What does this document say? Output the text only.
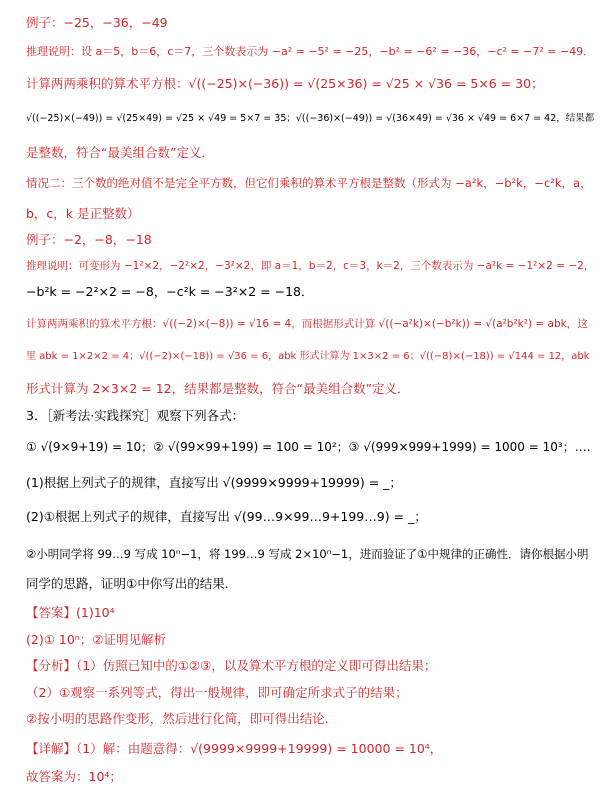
例子：−25，−36，−49
推理说明：设 a＝5，b＝6，c＝7，三个数表示为 −a² = −5² = −25，−b² = −6² = −36，−c² = −7² = −49．
计算两两乘积的算术平方根：√((−25)×(−36)) = √(25×36) = √25 × √36 = 5×6 = 30；
√((−25)×(−49)) = √(25×49) = √25 × √49 = 5×7 = 35；√((−36)×(−49)) = √(36×49) = √36 × √49 = 6×7 = 42，结果都
是整数，符合“最美组合数”定义．
情况二：三个数的绝对值不是完全平方数，但它们乘积的算术平方根是整数（形式为 −a²k，−b²k，−c²k，a，
b，c，k 是正整数）
例子：−2，−8，−18
推理说明：可变形为 −1²×2，−2²×2，−3²×2，即 a＝1，b＝2，c＝3，k＝2，三个数表示为 −a²k = −1²×2 = −2，
−b²k = −2²×2 = −8，−c²k = −3²×2 = −18．
计算两两乘积的算术平方根：√((−2)×(−8)) = √16 = 4，而根据形式计算 √((−a²k)×(−b²k)) = √(a²b²k²) = abk，这
里 abk = 1×2×2 = 4；√((−2)×(−18)) = √36 = 6，abk 形式计算为 1×3×2 = 6；√((−8)×(−18)) = √144 = 12，abk
形式计算为 2×3×2 = 12，结果都是整数，符合“最美组合数”定义．
3．［新考法·实践探究］观察下列各式：
① √(9×9+19) = 10；② √(99×99+199) = 100 = 10²；③ √(999×999+1999) = 1000 = 10³；….
(1)根据上列式子的规律，直接写出 √(9999×9999+19999) = _；
(2)①根据上列式子的规律，直接写出 √(99…9×99…9+199…9) = _；
②小明同学将 99…9 写成 10ⁿ−1，将 199…9 写成 2×10ⁿ−1，进而验证了①中规律的正确性．请你根据小明
同学的思路，证明①中你写出的结果．
【答案】(1)10⁴
(2)① 10ⁿ；②证明见解析
【分析】（1）仿照已知中的①②③，以及算术平方根的定义即可得出结果；
（2）①观察一系列等式，得出一般规律，即可确定所求式子的结果；
②按小明的思路作变形，然后进行化简，即可得出结论．
【详解】（1）解：由题意得：√(9999×9999+19999) = 10000 = 10⁴，
故答案为：10⁴；
